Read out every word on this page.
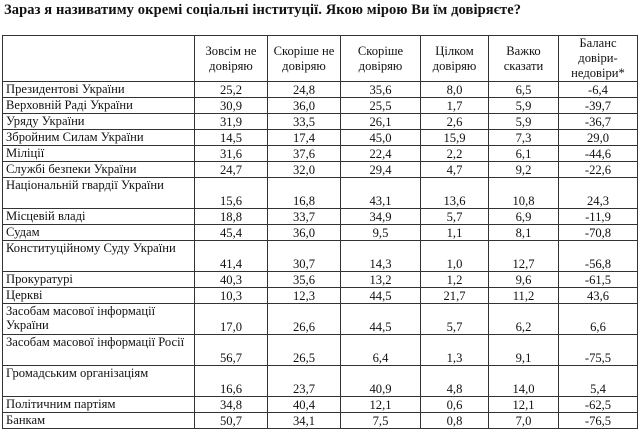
Зараз я називатиму окремі соціальні інституції. Якою мірою Ви їм довіряєте?
	Зовсім не довіряю	Скоріше не довіряю	Скоріше довіряю	Цілком довіряю	Важко сказати	Баланс довіри-недовіри*
Президентові України	25,2	24,8	35,6	8,0	6,5	-6,4
Верховній Раді України	30,9	36,0	25,5	1,7	5,9	-39,7
Уряду України	31,9	33,5	26,1	2,6	5,9	-36,7
Збройним Силам України	14,5	17,4	45,0	15,9	7,3	29,0
Міліції	31,6	37,6	22,4	2,2	6,1	-44,6
Службі безпеки України	24,7	32,0	29,4	4,7	9,2	-22,6
Національній гвардії України	15,6	16,8	43,1	13,6	10,8	24,3
Місцевій владі	18,8	33,7	34,9	5,7	6,9	-11,9
Судам	45,4	36,0	9,5	1,1	8,1	-70,8
Конституційному Суду України	41,4	30,7	14,3	1,0	12,7	-56,8
Прокуратурі	40,3	35,6	13,2	1,2	9,6	-61,5
Церкві	10,3	12,3	44,5	21,7	11,2	43,6
Засобам масової інформації України	17,0	26,6	44,5	5,7	6,2	6,6
Засобам масової інформації Росії	56,7	26,5	6,4	1,3	9,1	-75,5
Громадським організаціям	16,6	23,7	40,9	4,8	14,0	5,4
Політичним партіям	34,8	40,4	12,1	0,6	12,1	-62,5
Банкам	50,7	34,1	7,5	0,8	7,0	-76,5
